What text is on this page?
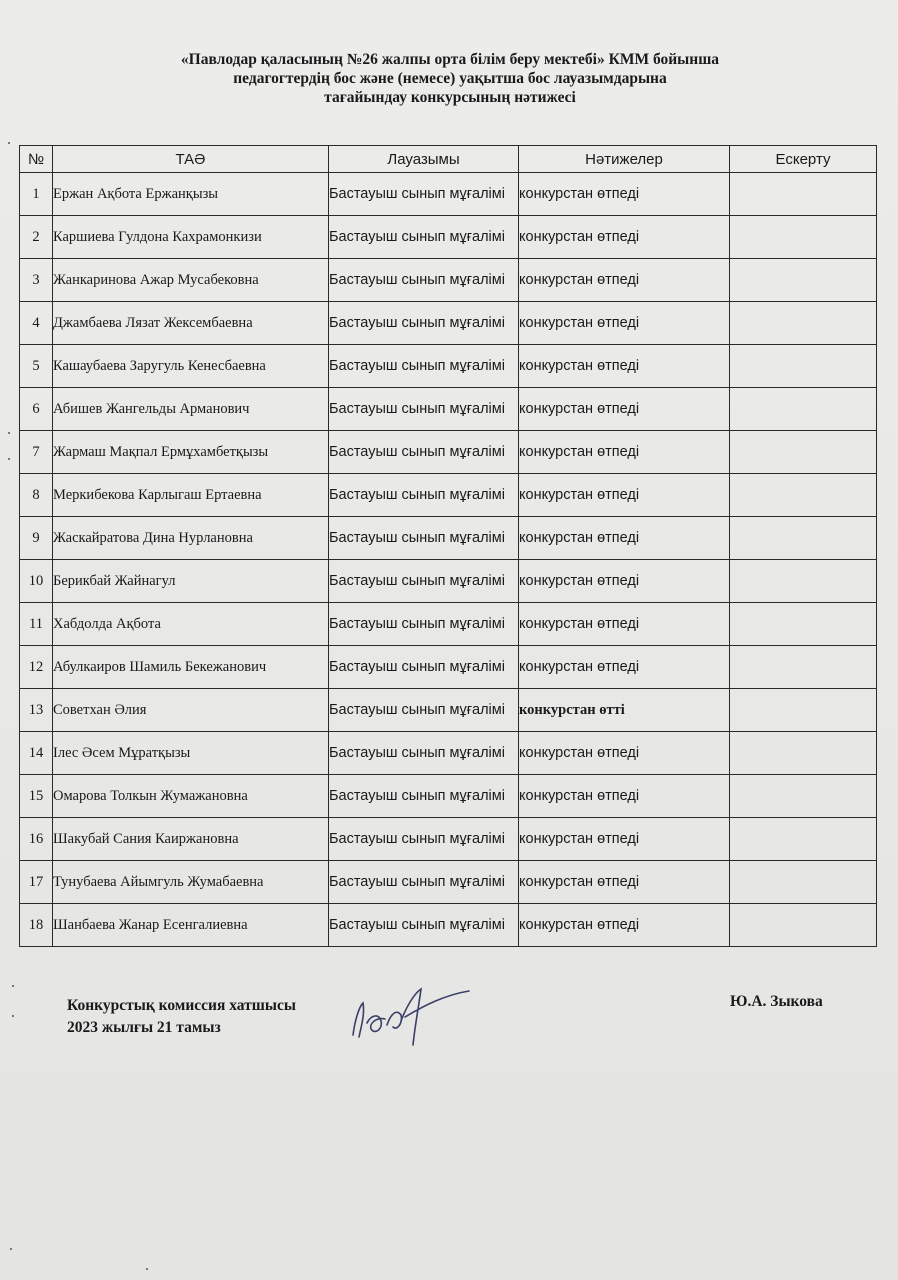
«Павлодар қаласының №26 жалпы орта білім беру мектебі» КММ бойынша
педагогтердің бос және (немесе) уақытша бос лауазымдарына
тағайындау конкурсының нәтижесі
№	ТАӘ	Лауазымы	Нәтижелер	Ескерту
1	Ержан Ақбота Ержанқызы	Бастауыш сынып мұғалімі	конкурстан өтпеді	
2	Каршиева Гулдона Кахрамонкизи	Бастауыш сынып мұғалімі	конкурстан өтпеді	
3	Жанкаринова Ажар Мусабековна	Бастауыш сынып мұғалімі	конкурстан өтпеді	
4	Джамбаева Лязат Жексембаевна	Бастауыш сынып мұғалімі	конкурстан өтпеді	
5	Кашаубаева Заругуль Кенесбаевна	Бастауыш сынып мұғалімі	конкурстан өтпеді	
6	Абишев Жангельды Арманович	Бастауыш сынып мұғалімі	конкурстан өтпеді	
7	Жармаш Мақпал Ермұхамбетқызы	Бастауыш сынып мұғалімі	конкурстан өтпеді	
8	Меркибекова Карлыгаш Ертаевна	Бастауыш сынып мұғалімі	конкурстан өтпеді	
9	Жаскайратова Дина Нурлановна	Бастауыш сынып мұғалімі	конкурстан өтпеді	
10	Берикбай Жайнагул	Бастауыш сынып мұғалімі	конкурстан өтпеді	
11	Хабдолда Ақбота	Бастауыш сынып мұғалімі	конкурстан өтпеді	
12	Абулкаиров Шамиль Бекежанович	Бастауыш сынып мұғалімі	конкурстан өтпеді	
13	Советхан Әлия	Бастауыш сынып мұғалімі	конкурстан өтті	
14	Ілес Әсем Мұратқызы	Бастауыш сынып мұғалімі	конкурстан өтпеді	
15	Омарова Толкын Жумажановна	Бастауыш сынып мұғалімі	конкурстан өтпеді	
16	Шакубай Сания Каиржановна	Бастауыш сынып мұғалімі	конкурстан өтпеді	
17	Тунубаева Айымгуль Жумабаевна	Бастауыш сынып мұғалімі	конкурстан өтпеді	
18	Шанбаева Жанар Есенгалиевна	Бастауыш сынып мұғалімі	конкурстан өтпеді	
Конкурстық комиссия хатшысы
2023 жылғы 21 тамыз
Ю.А. Зыкова
